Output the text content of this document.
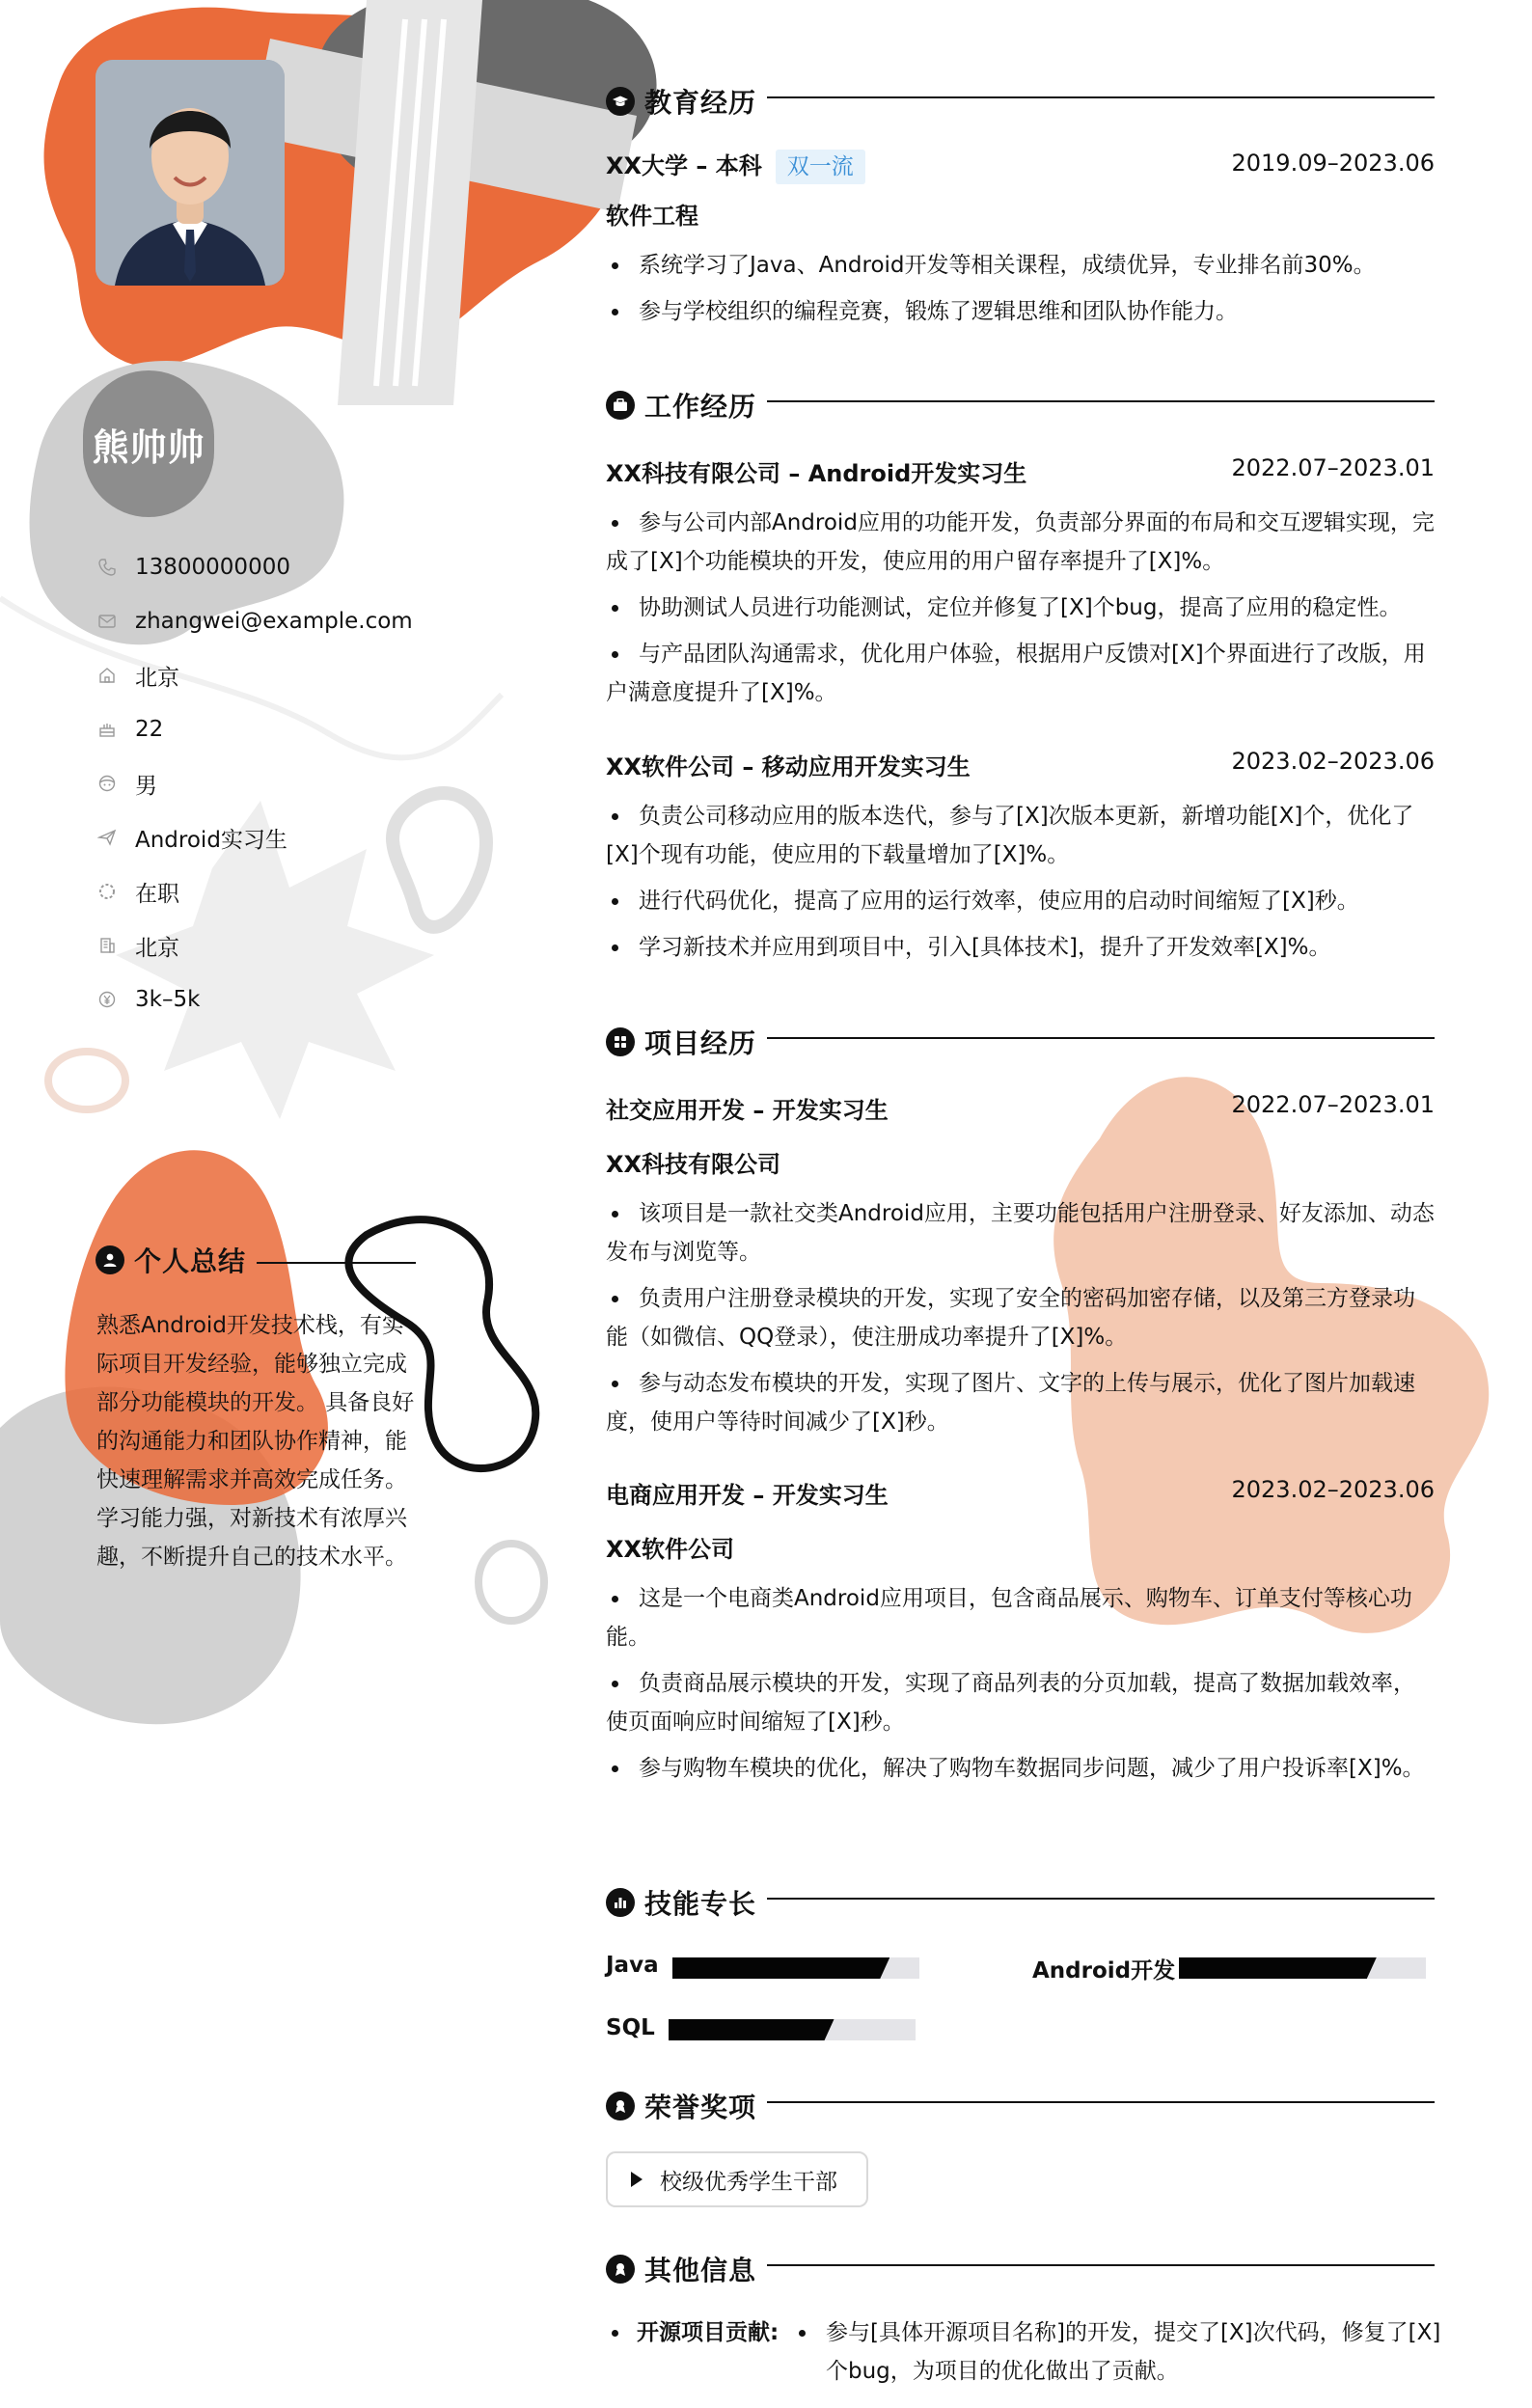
熊帅帅
13800000000
zhangwei@example.com
北京
22
男
Android实习生
在职
北京
3k–5k
个人总结
熟悉Android开发技术栈，有实际项目开发经验，能够独立完成部分功能模块的开发。 具备良好的沟通能力和团队协作精神，能快速理解需求并高效完成任务。 学习能力强，对新技术有浓厚兴趣，不断提升自己的技术水平。
教育经历
XX大学 – 本科 双一流	2019.09–2023.06
软件工程
系统学习了Java、Android开发等相关课程，成绩优异，专业排名前30%。
参与学校组织的编程竞赛，锻炼了逻辑思维和团队协作能力。
工作经历
XX科技有限公司 – Android开发实习生	2022.07–2023.01
参与公司内部Android应用的功能开发，负责部分界面的布局和交互逻辑实现，完成了[X]个功能模块的开发，使应用的用户留存率提升了[X]%。
协助测试人员进行功能测试，定位并修复了[X]个bug，提高了应用的稳定性。
与产品团队沟通需求，优化用户体验，根据用户反馈对[X]个界面进行了改版，用户满意度提升了[X]%。
XX软件公司 – 移动应用开发实习生	2023.02–2023.06
负责公司移动应用的版本迭代，参与了[X]次版本更新，新增功能[X]个，优化了[X]个现有功能，使应用的下载量增加了[X]%。
进行代码优化，提高了应用的运行效率，使应用的启动时间缩短了[X]秒。
学习新技术并应用到项目中，引入[具体技术]，提升了开发效率[X]%。
项目经历
社交应用开发 – 开发实习生	2022.07–2023.01
XX科技有限公司
该项目是一款社交类Android应用，主要功能包括用户注册登录、好友添加、动态发布与浏览等。
负责用户注册登录模块的开发，实现了安全的密码加密存储，以及第三方登录功能（如微信、QQ登录），使注册成功率提升了[X]%。
参与动态发布模块的开发，实现了图片、文字的上传与展示，优化了图片加载速度，使用户等待时间减少了[X]秒。
电商应用开发 – 开发实习生	2023.02–2023.06
XX软件公司
这是一个电商类Android应用项目，包含商品展示、购物车、订单支付等核心功能。
负责商品展示模块的开发，实现了商品列表的分页加载，提高了数据加载效率，使页面响应时间缩短了[X]秒。
参与购物车模块的优化，解决了购物车数据同步问题，减少了用户投诉率[X]%。
技能专长
Java	Android开发
SQL
荣誉奖项
校级优秀学生干部
其他信息
开源项目贡献:	参与[具体开源项目名称]的开发，提交了[X]次代码，修复了[X]个bug，为项目的优化做出了贡献。
